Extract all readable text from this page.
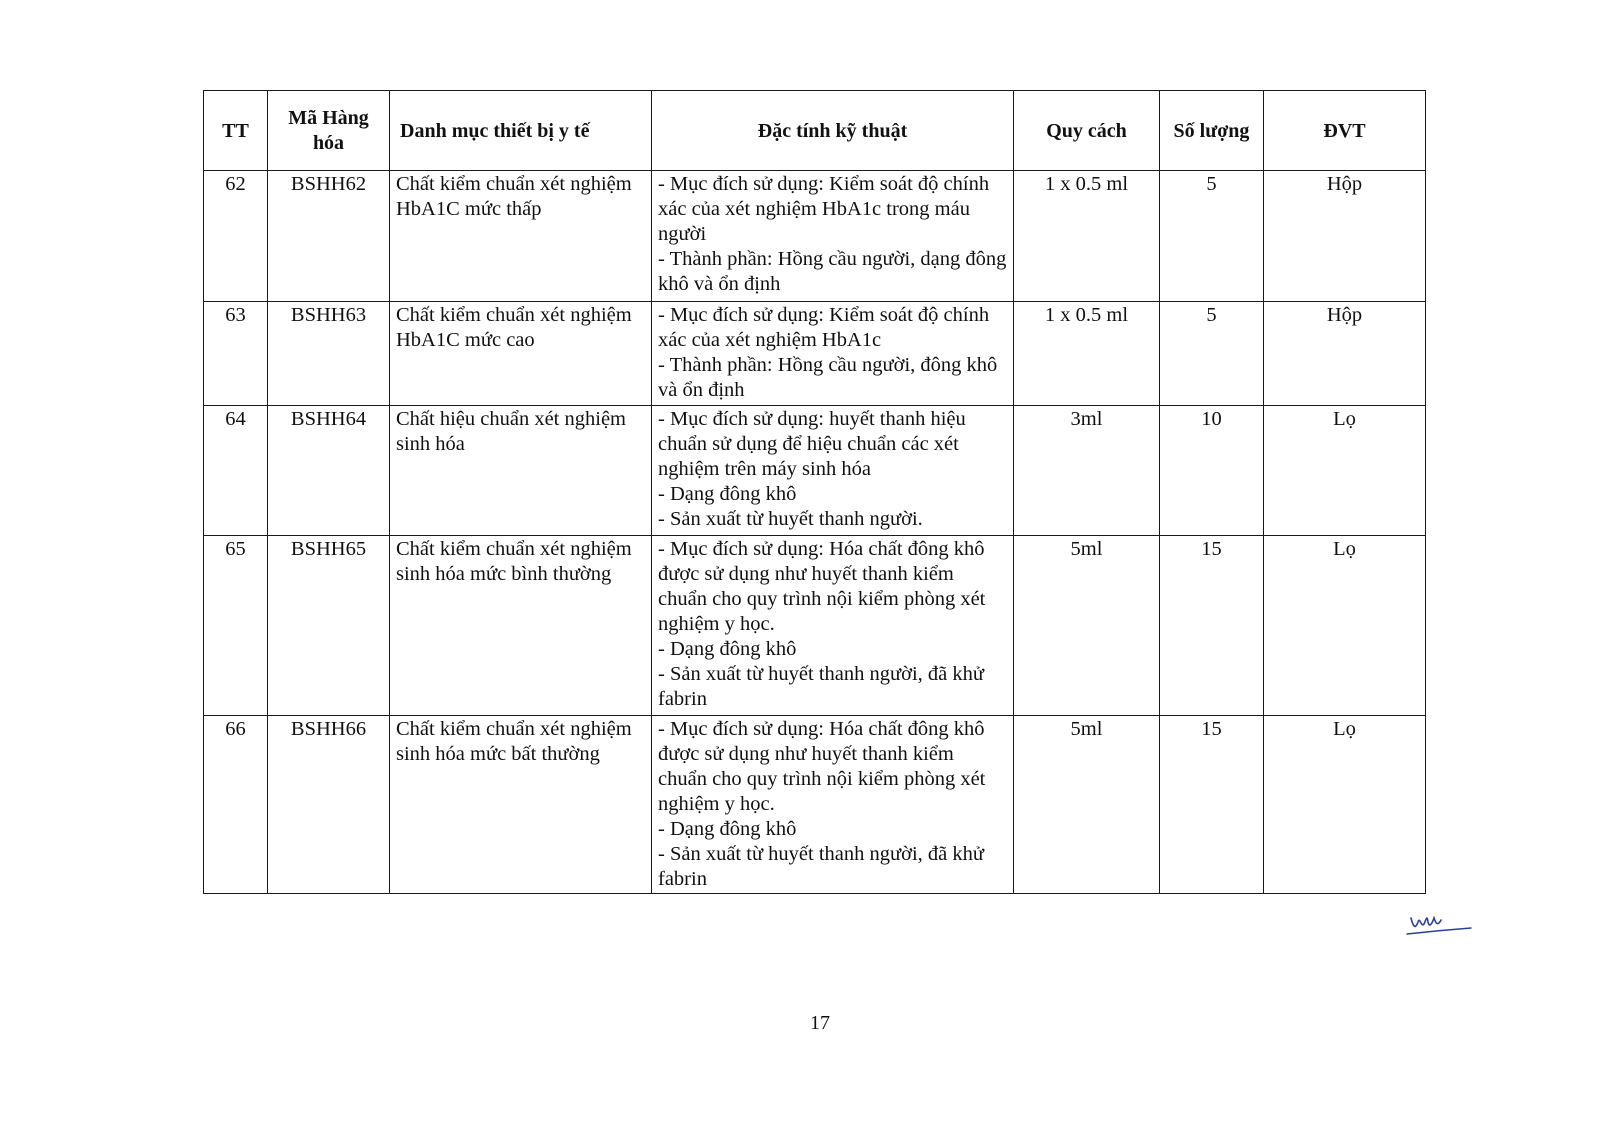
TT	Mã Hàng hóa	Danh mục thiết bị y tế	Đặc tính kỹ thuật	Quy cách	Số lượng	ĐVT
62	BSHH62	Chất kiểm chuẩn xét nghiệm HbA1C mức thấp	- Mục đích sử dụng: Kiểm soát độ chính xác của xét nghiệm HbA1c trong máu người
- Thành phần: Hồng cầu người, dạng đông khô và ổn định	1 x 0.5 ml	5	Hộp
63	BSHH63	Chất kiểm chuẩn xét nghiệm HbA1C mức cao	- Mục đích sử dụng: Kiểm soát độ chính xác của xét nghiệm HbA1c
- Thành phần: Hồng cầu người, đông khô và ổn định	1 x 0.5 ml	5	Hộp
64	BSHH64	Chất hiệu chuẩn xét nghiệm sinh hóa	- Mục đích sử dụng: huyết thanh hiệu chuẩn sử dụng để hiệu chuẩn các xét nghiệm trên máy sinh hóa
- Dạng đông khô
- Sản xuất từ huyết thanh người.	3ml	10	Lọ
65	BSHH65	Chất kiểm chuẩn xét nghiệm sinh hóa mức bình thường	- Mục đích sử dụng: Hóa chất đông khô được sử dụng như huyết thanh kiểm chuẩn cho quy trình nội kiểm phòng xét nghiệm y học.
- Dạng đông khô
- Sản xuất từ huyết thanh người, đã khử fabrin	5ml	15	Lọ
66	BSHH66	Chất kiểm chuẩn xét nghiệm sinh hóa mức bất thường	- Mục đích sử dụng: Hóa chất đông khô được sử dụng như huyết thanh kiểm chuẩn cho quy trình nội kiểm phòng xét nghiệm y học.
- Dạng đông khô
- Sản xuất từ huyết thanh người, đã khử fabrin	5ml	15	Lọ
17
